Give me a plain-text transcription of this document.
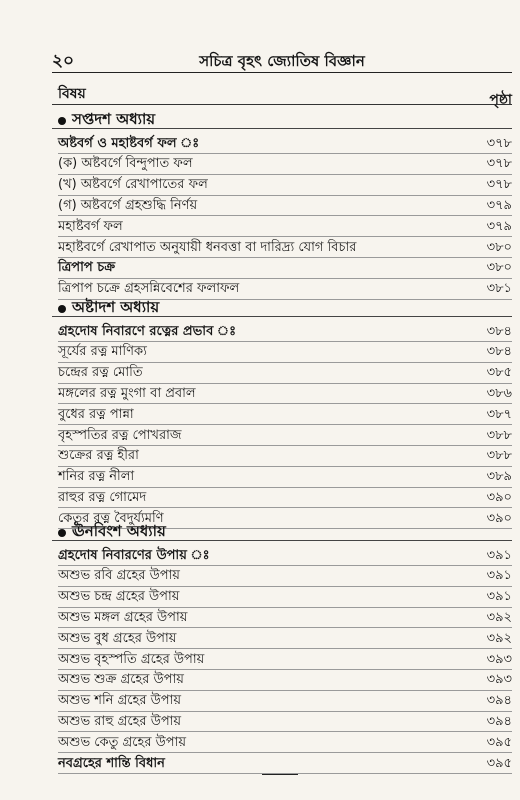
২০	সচিত্র বৃহৎ জ্যোতিষ বিজ্ঞান
বিষয়	পৃষ্ঠা
সপ্তদশ অধ্যায়
অষ্টবর্গ ও মহাষ্টবর্গ ফল ঃ	৩৭৮
(ক) অষ্টবর্গে বিন্দুপাত ফল	৩৭৮
(খ) অষ্টবর্গে রেখাপাতের ফল	৩৭৮
(গ) অষ্টবর্গে গ্রহশুদ্ধি নির্ণয়	৩৭৯
মহাষ্টবর্গ ফল	৩৭৯
মহাষ্টবর্গে রেখাপাত অনুযায়ী ধনবত্তা বা দারিদ্র্য যোগ বিচার	৩৮০
ত্রিপাপ চক্র	৩৮০
ত্রিপাপ চক্রে গ্রহসন্নিবেশের ফলাফল	৩৮১
অষ্টাদশ অধ্যায়
গ্রহদোষ নিবারণে রত্নের প্রভাব ঃ	৩৮৪
সূর্যের রত্ন মাণিক্য	৩৮৪
চন্দ্রের রত্ন মোতি	৩৮৫
মঙ্গলের রত্ন মুংগা বা প্রবাল	৩৮৬
বুধের রত্ন পান্না	৩৮৭
বৃহস্পতির রত্ন পোখরাজ	৩৮৮
শুক্রের রত্ন হীরা	৩৮৮
শনির রত্ন নীলা	৩৮৯
রাহুর রত্ন গোমেদ	৩৯০
কেতুর রত্ন বৈদুর্য্যমণি	৩৯০
ঊনবিংশ অধ্যায়
গ্রহদোষ নিবারণের উপায় ঃ	৩৯১
অশুভ রবি গ্রহের উপায়	৩৯১
অশুভ চন্দ্র গ্রহের উপায়	৩৯১
অশুভ মঙ্গল গ্রহের উপায়	৩৯২
অশুভ বুধ গ্রহের উপায়	৩৯২
অশুভ বৃহস্পতি গ্রহের উপায়	৩৯৩
অশুভ শুক্র গ্রহের উপায়	৩৯৩
অশুভ শনি গ্রহের উপায়	৩৯৪
অশুভ রাহু গ্রহের উপায়	৩৯৪
অশুভ কেতু গ্রহের উপায়	৩৯৫
নবগ্রহের শান্তি বিধান	৩৯৫
